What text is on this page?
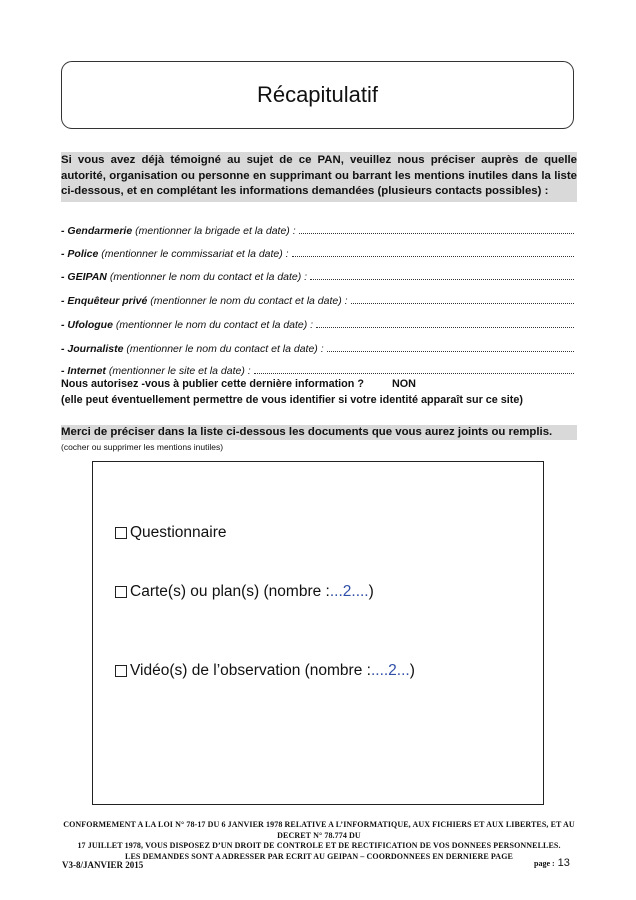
Récapitulatif
Si vous avez déjà témoigné au sujet de ce PAN, veuillez nous préciser auprès de quelle autorité, organisation ou personne en supprimant ou barrant les mentions inutiles dans la liste ci-dessous, et en complétant les informations demandées (plusieurs contacts possibles) :
- Gendarmerie (mentionner la brigade et la date) :
- Police (mentionner le commissariat et la date) :
- GEIPAN (mentionner le nom du contact et la date) :
- Enquêteur privé (mentionner le nom du contact et la date) :
- Ufologue (mentionner le nom du contact et la date) :
- Journaliste (mentionner le nom du contact et la date) :
- Internet (mentionner le site et la date) :
Nous autorisez -vous à publier cette dernière information ?	NON
(elle peut éventuellement permettre de vous identifier si votre identité apparaît sur ce site)
Merci de préciser dans la liste ci-dessous les documents que vous aurez joints ou remplis.
(cocher ou supprimer les mentions inutiles)
Questionnaire
Carte(s) ou plan(s) (nombre : ...2.... )
Vidéo(s) de l’observation (nombre : ....2... )
CONFORMEMENT A LA LOI N° 78-17 DU 6 JANVIER 1978 RELATIVE A L’INFORMATIQUE, AUX FICHIERS ET AUX LIBERTES, ET AU DECRET N° 78.774 DU
17 JUILLET 1978, VOUS DISPOSEZ D’UN DROIT DE CONTROLE ET DE RECTIFICATION DE VOS DONNEES PERSONNELLES.
LES DEMANDES SONT A ADRESSER PAR ECRIT AU GEIPAN – COORDONNEES EN DERNIERE PAGE
V3-8/JANVIER 2015	page : 13
